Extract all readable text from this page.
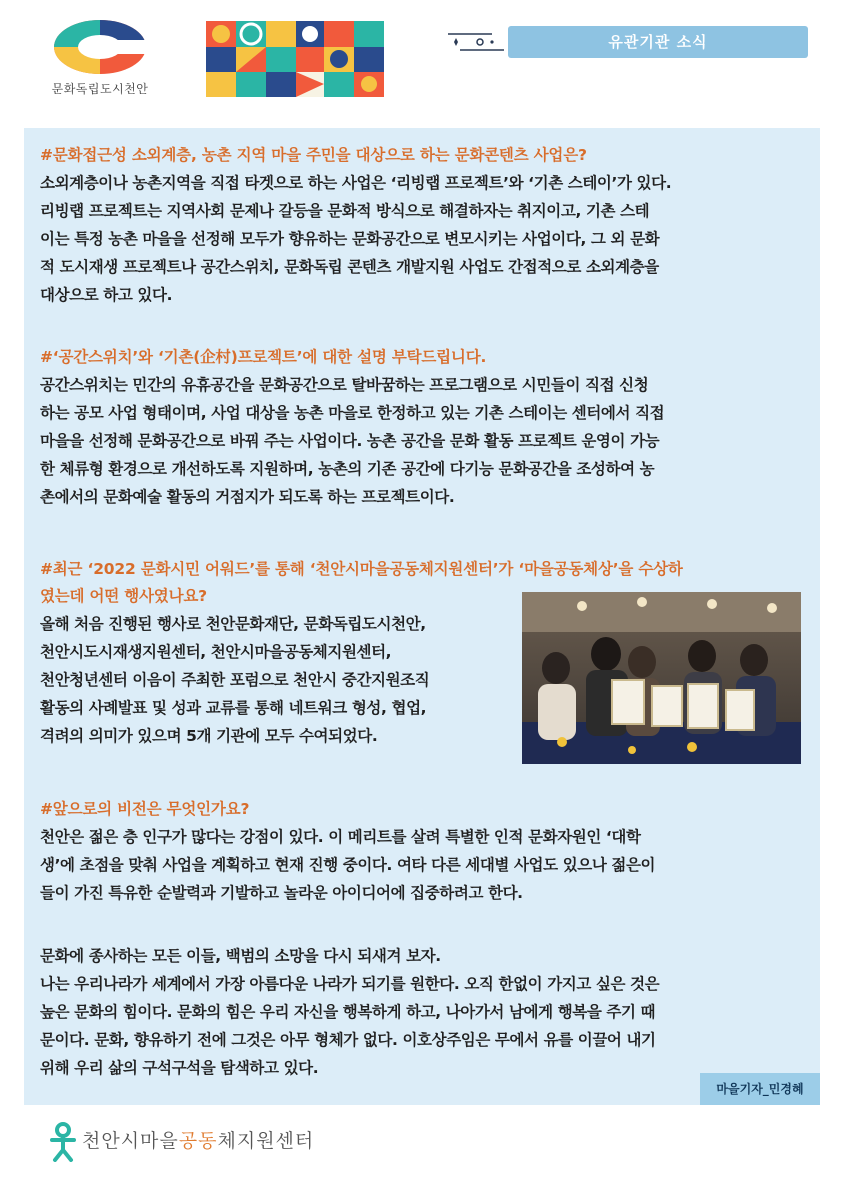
문화독립도시천안
유관기관 소식
#문화접근성 소외계층, 농촌 지역 마을 주민을 대상으로 하는 문화콘텐츠 사업은?
소외계층이나 농촌지역을 직접 타겟으로 하는 사업은 ‘리빙랩 프로젝트’와 ‘기촌 스테이’가 있다.
리빙랩 프로젝트는 지역사회 문제나 갈등을 문화적 방식으로 해결하자는 취지이고, 기촌 스테
이는 특정 농촌 마을을 선정해 모두가 향유하는 문화공간으로 변모시키는 사업이다, 그 외 문화
적 도시재생 프로젝트나 공간스위치, 문화독립 콘텐츠 개발지원 사업도 간접적으로 소외계층을
대상으로 하고 있다.
#‘공간스위치’와 ‘기촌(企村)프로젝트’에 대한 설명 부탁드립니다.
공간스위치는 민간의 유휴공간을 문화공간으로 탈바꿈하는 프로그램으로 시민들이 직접 신청
하는 공모 사업 형태이며, 사업 대상을 농촌 마을로 한정하고 있는 기촌 스테이는 센터에서 직접
마을을 선정해 문화공간으로 바꿔 주는 사업이다. 농촌 공간을 문화 활동 프로젝트 운영이 가능
한 체류형 환경으로 개선하도록 지원하며, 농촌의 기존 공간에 다기능 문화공간을 조성하여 농
촌에서의 문화예술 활동의 거점지가 되도록 하는 프로젝트이다.
#최근 ‘2022 문화시민 어워드’를 통해 ‘천안시마을공동체지원센터’가 ‘마을공동체상’을 수상하
였는데 어떤 행사였나요?
올해 처음 진행된 행사로 천안문화재단, 문화독립도시천안,
천안시도시재생지원센터, 천안시마을공동체지원센터,
천안청년센터 이음이 주최한 포럼으로 천안시 중간지원조직
활동의 사례발표 및 성과 교류를 통해 네트워크 형성, 협업,
격려의 의미가 있으며 5개 기관에 모두 수여되었다.
#앞으로의 비전은 무엇인가요?
천안은 젊은 층 인구가 많다는 강점이 있다. 이 메리트를 살려 특별한 인적 문화자원인 ‘대학
생’에 초점을 맞춰 사업을 계획하고 현재 진행 중이다. 여타 다른 세대별 사업도 있으나 젊은이
들이 가진 특유한 순발력과 기발하고 놀라운 아이디어에 집중하려고 한다.
문화에 종사하는 모든 이들, 백범의 소망을 다시 되새겨 보자.
나는 우리나라가 세계에서 가장 아름다운 나라가 되기를 원한다. 오직 한없이 가지고 싶은 것은
높은 문화의 힘이다. 문화의 힘은 우리 자신을 행복하게 하고, 나아가서 남에게 행복을 주기 때
문이다. 문화, 향유하기 전에 그것은 아무 형체가 없다. 이호상주임은 무에서 유를 이끌어 내기
위해 우리 삶의 구석구석을 탐색하고 있다.
마을기자_민경혜
천안시마을공동체지원센터
